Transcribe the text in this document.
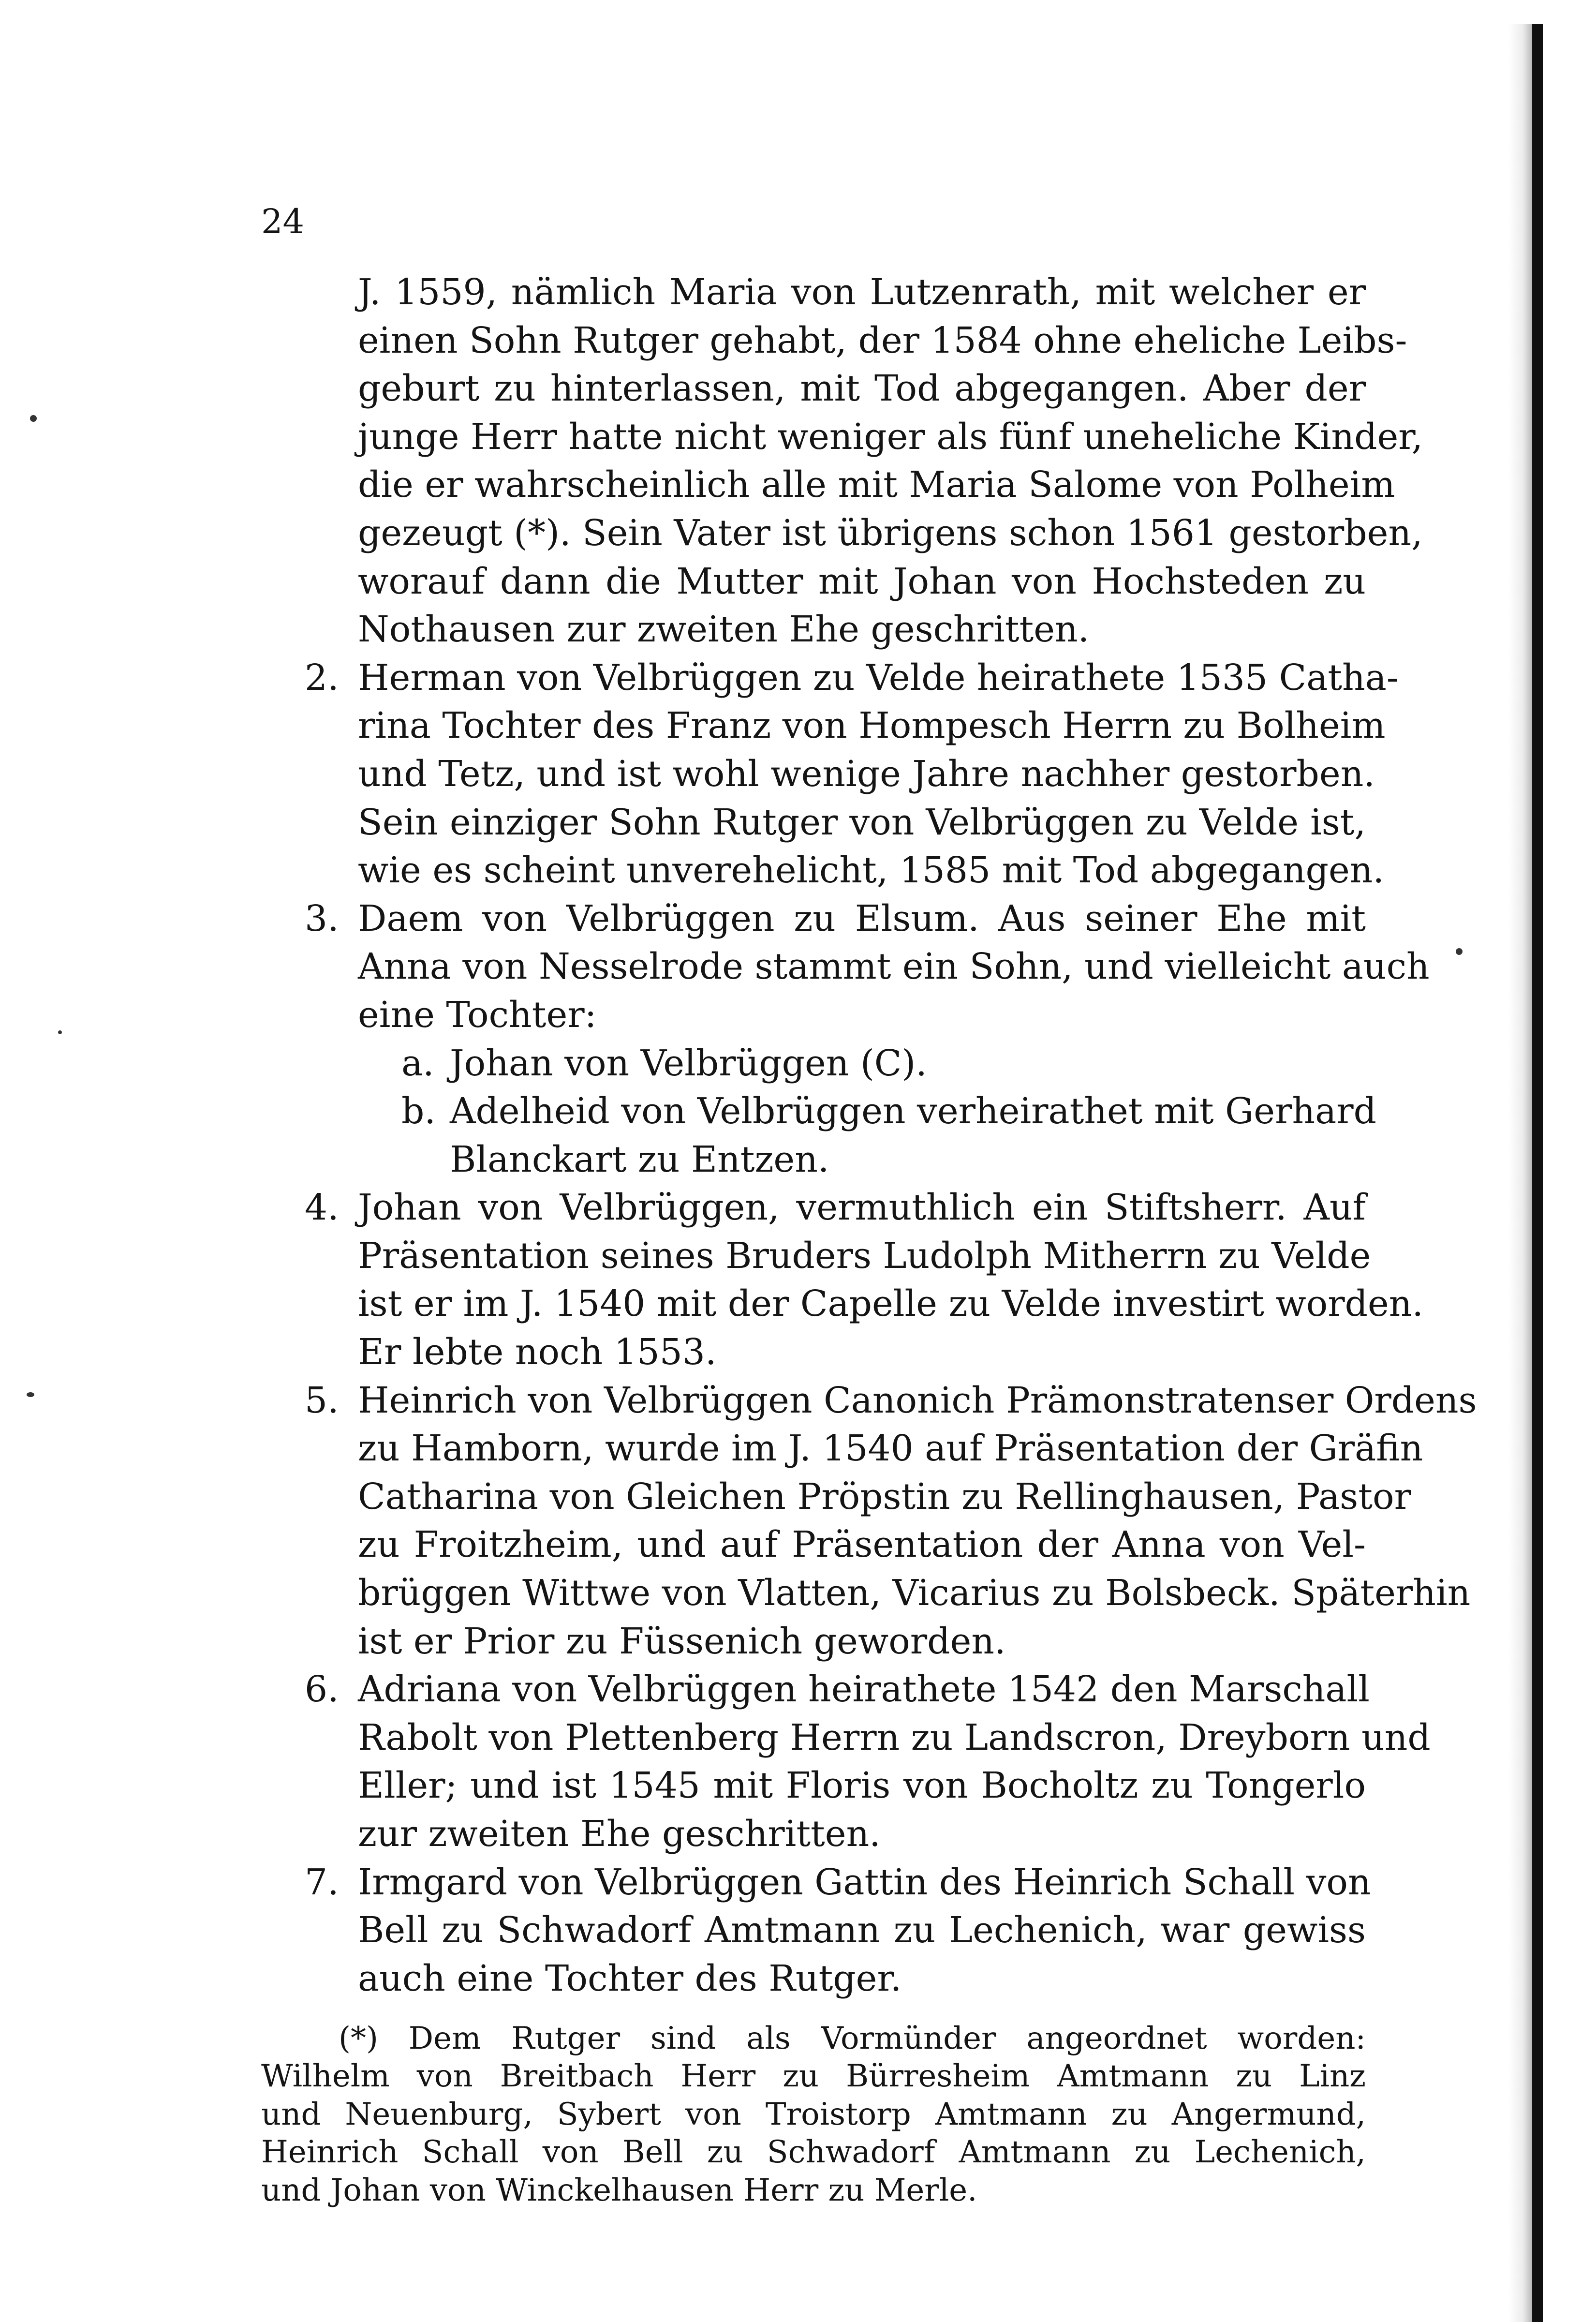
24
J. 1559, nämlich Maria von Lutzenrath, mit welcher er
einen Sohn Rutger gehabt, der 1584 ohne eheliche Leibs-
geburt zu hinterlassen, mit Tod abgegangen. Aber der
junge Herr hatte nicht weniger als fünf uneheliche Kinder,
die er wahrscheinlich alle mit Maria Salome von Polheim
gezeugt (*). Sein Vater ist übrigens schon 1561 gestorben,
worauf dann die Mutter mit Johan von Hochsteden zu
Nothausen zur zweiten Ehe geschritten.
2. Herman von Velbrüggen zu Velde heirathete 1535 Catha-
rina Tochter des Franz von Hompesch Herrn zu Bolheim
und Tetz, und ist wohl wenige Jahre nachher gestorben.
Sein einziger Sohn Rutger von Velbrüggen zu Velde ist,
wie es scheint unverehelicht, 1585 mit Tod abgegangen.
3. Daem von Velbrüggen zu Elsum. Aus seiner Ehe mit
Anna von Nesselrode stammt ein Sohn, und vielleicht auch
eine Tochter:
a. Johan von Velbrüggen (C).
b. Adelheid von Velbrüggen verheirathet mit Gerhard
Blanckart zu Entzen.
4. Johan von Velbrüggen, vermuthlich ein Stiftsherr. Auf
Präsentation seines Bruders Ludolph Mitherrn zu Velde
ist er im J. 1540 mit der Capelle zu Velde investirt worden.
Er lebte noch 1553.
5. Heinrich von Velbrüggen Canonich Prämonstratenser Ordens
zu Hamborn, wurde im J. 1540 auf Präsentation der Gräfin
Catharina von Gleichen Pröpstin zu Rellinghausen, Pastor
zu Froitzheim, und auf Präsentation der Anna von Vel-
brüggen Wittwe von Vlatten, Vicarius zu Bolsbeck. Späterhin
ist er Prior zu Füssenich geworden.
6. Adriana von Velbrüggen heirathete 1542 den Marschall
Rabolt von Plettenberg Herrn zu Landscron, Dreyborn und
Eller; und ist 1545 mit Floris von Bocholtz zu Tongerlo
zur zweiten Ehe geschritten.
7. Irmgard von Velbrüggen Gattin des Heinrich Schall von
Bell zu Schwadorf Amtmann zu Lechenich, war gewiss
auch eine Tochter des Rutger.
(*) Dem Rutger sind als Vormünder angeordnet worden:
Wilhelm von Breitbach Herr zu Bürresheim Amtmann zu Linz
und Neuenburg, Sybert von Troistorp Amtmann zu Angermund,
Heinrich Schall von Bell zu Schwadorf Amtmann zu Lechenich,
und Johan von Winckelhausen Herr zu Merle.
